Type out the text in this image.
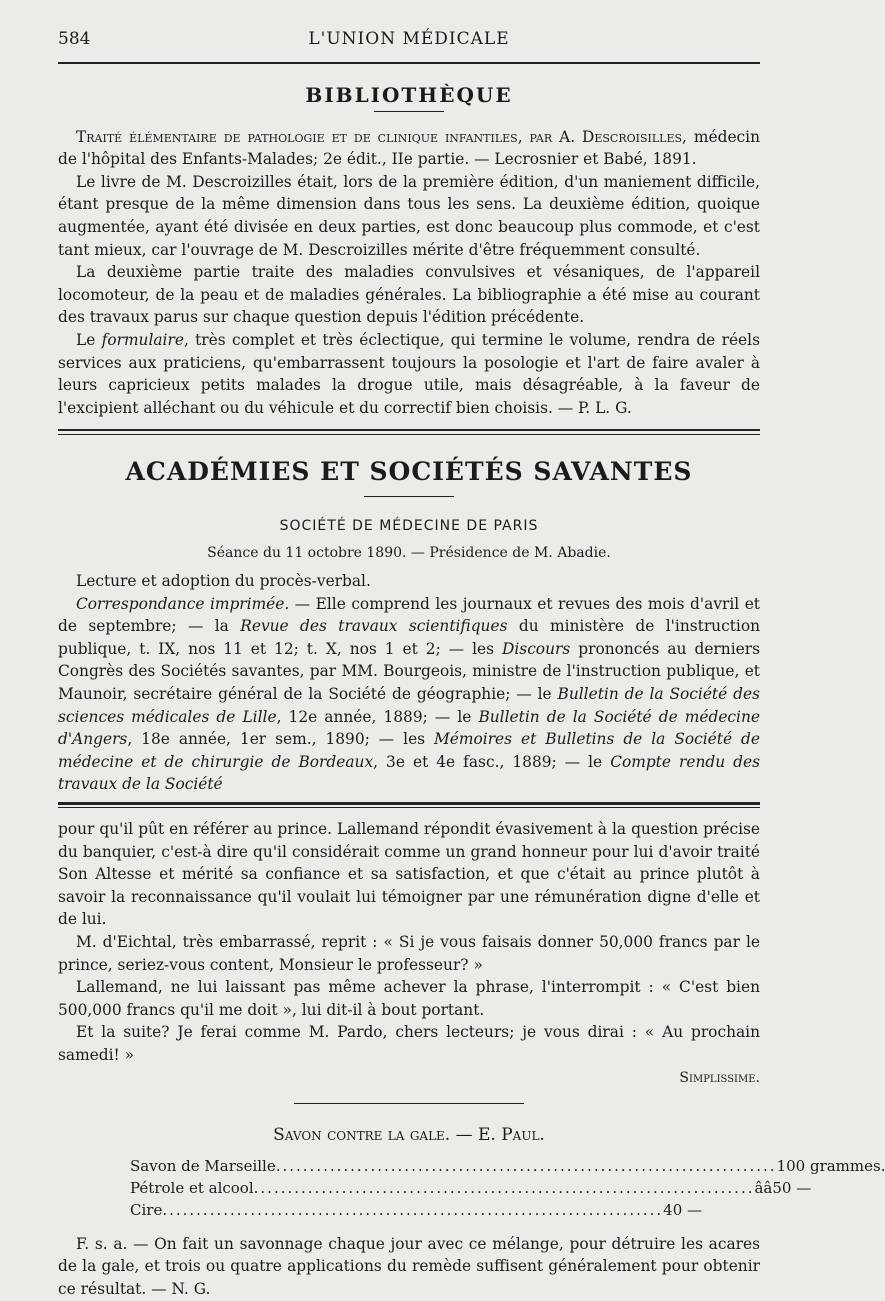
584	L'UNION MÉDICALE
BIBLIOTHÈQUE

Traité élémentaire de pathologie et de clinique infantiles, par A. Descroisilles, médecin de l'hôpital des Enfants-Malades; 2e édit., IIe partie. — Lecrosnier et Babé, 1891.

Le livre de M. Descroizilles était, lors de la première édition, d'un maniement difficile, étant presque de la même dimension dans tous les sens. La deuxième édition, quoique augmentée, ayant été divisée en deux parties, est donc beaucoup plus commode, et c'est tant mieux, car l'ouvrage de M. Descroizilles mérite d'être fréquemment consulté.

La deuxième partie traite des maladies convulsives et vésaniques, de l'appareil locomoteur, de la peau et de maladies générales. La bibliographie a été mise au courant des travaux parus sur chaque question depuis l'édition précédente.

Le formulaire, très complet et très éclectique, qui termine le volume, rendra de réels services aux praticiens, qu'embarrassent toujours la posologie et l'art de faire avaler à leurs capricieux petits malades la drogue utile, mais désagréable, à la faveur de l'excipient alléchant ou du véhicule et du correctif bien choisis. — P. L. G.

ACADÉMIES ET SOCIÉTÉS SAVANTES
SOCIÉTÉ DE MÉDECINE DE PARIS
Séance du 11 octobre 1890. — Présidence de M. Abadie.

Lecture et adoption du procès-verbal.

Correspondance imprimée. — Elle comprend les journaux et revues des mois d'avril et de septembre; — la Revue des travaux scientifiques du ministère de l'instruction publique, t. IX, nos 11 et 12; t. X, nos 1 et 2; — les Discours prononcés au derniers Congrès des Sociétés savantes, par MM. Bourgeois, ministre de l'instruction publique, et Maunoir, secrétaire général de la Société de géographie; — le Bulletin de la Société des sciences médicales de Lille, 12e année, 1889; — le Bulletin de la Société de médecine d'Angers, 18e année, 1er sem., 1890; — les Mémoires et Bulletins de la Société de médecine et de chirurgie de Bordeaux, 3e et 4e fasc., 1889; — le Compte rendu des travaux de la Société

pour qu'il pût en référer au prince. Lallemand répondit évasivement à la question précise du banquier, c'est-à dire qu'il considérait comme un grand honneur pour lui d'avoir traité Son Altesse et mérité sa confiance et sa satisfaction, et que c'était au prince plutôt à savoir la reconnaissance qu'il voulait lui témoigner par une rémunération digne d'elle et de lui.

M. d'Eichtal, très embarrassé, reprit : « Si je vous faisais donner 50,000 francs par le prince, seriez-vous content, Monsieur le professeur? »

Lallemand, ne lui laissant pas même achever la phrase, l'interrompit : « C'est bien 500,000 francs qu'il me doit », lui dit-il à bout portant.

Et la suite? Je ferai comme M. Pardo, chers lecteurs; je vous dirai : « Au prochain samedi! »

Simplissime.
Savon contre la gale. — E. Paul.
Savon de Marseille .......................................................................... 100 grammes.
Pétrole et alcool .......................................................................... ââ 50 —
Cire .......................................................................... 40 —

F. s. a. — On fait un savonnage chaque jour avec ce mélange, pour détruire les acares de la gale, et trois ou quatre applications du remède suffisent généralement pour obtenir ce résultat. — N. G.
